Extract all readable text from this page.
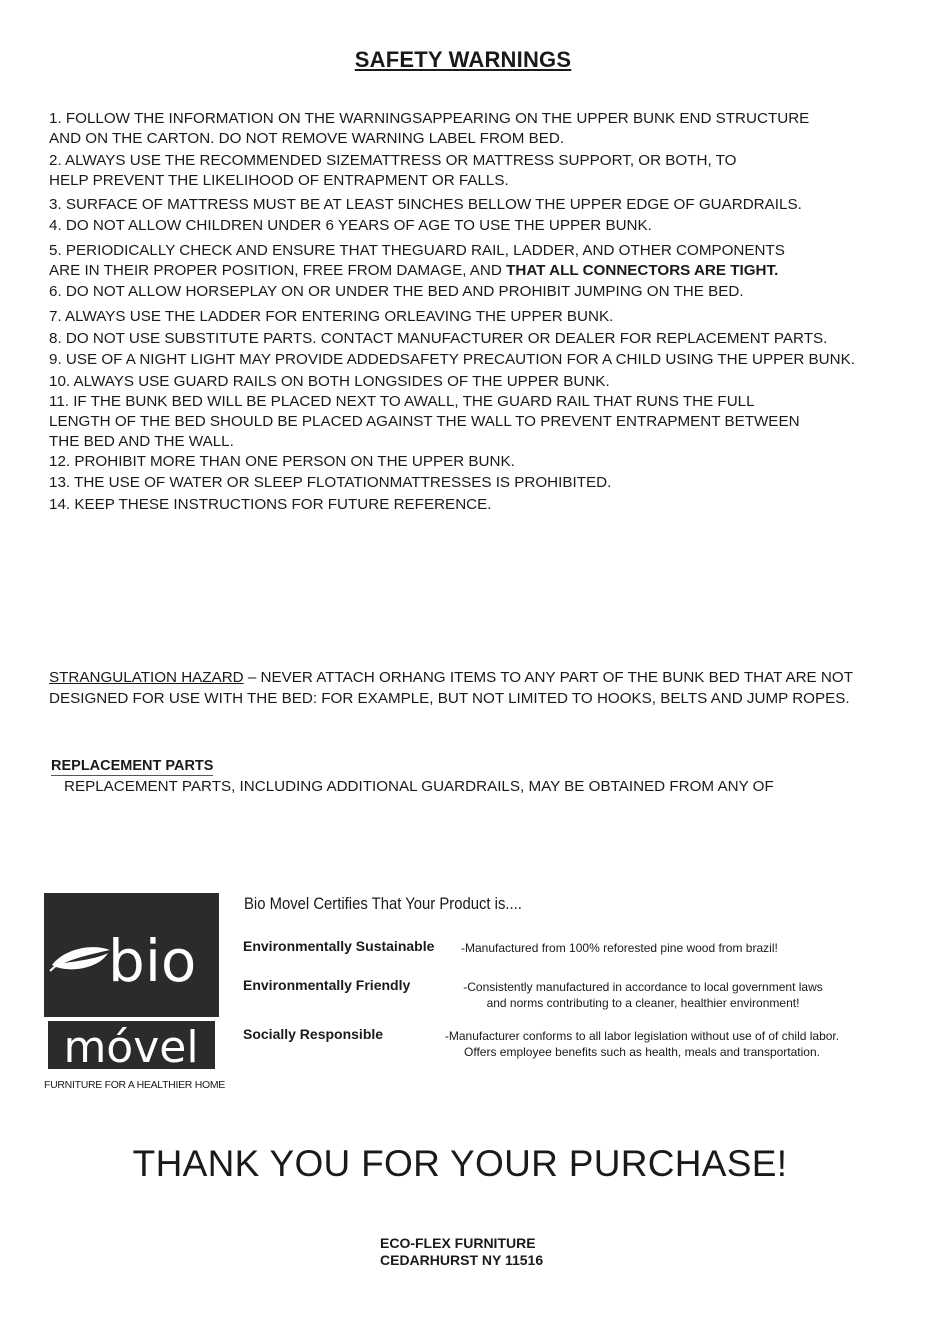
SAFETY WARNINGS
1. FOLLOW THE INFORMATION ON THE WARNINGSAPPEARING ON THE UPPER BUNK END STRUCTURE
AND ON THE CARTON. DO NOT REMOVE WARNING LABEL FROM BED.
2. ALWAYS USE THE RECOMMENDED SIZEMATTRESS OR MATTRESS SUPPORT, OR BOTH, TO
HELP PREVENT THE LIKELIHOOD OF ENTRAPMENT OR FALLS.
3. SURFACE OF MATTRESS MUST BE AT LEAST 5INCHES BELLOW THE UPPER EDGE OF GUARDRAILS.
4. DO NOT ALLOW CHILDREN UNDER 6 YEARS OF AGE TO USE THE UPPER BUNK.
5. PERIODICALLY CHECK AND ENSURE THAT THEGUARD RAIL, LADDER, AND OTHER COMPONENTS
ARE IN THEIR PROPER POSITION, FREE FROM DAMAGE, AND THAT ALL CONNECTORS ARE TIGHT.
6. DO NOT ALLOW HORSEPLAY ON OR UNDER THE BED AND PROHIBIT JUMPING ON THE BED.
7. ALWAYS USE THE LADDER FOR ENTERING ORLEAVING THE UPPER BUNK.
8. DO NOT USE SUBSTITUTE PARTS. CONTACT MANUFACTURER OR DEALER FOR REPLACEMENT PARTS.
9. USE OF A NIGHT LIGHT MAY PROVIDE ADDEDSAFETY PRECAUTION FOR A CHILD USING THE UPPER BUNK.
10. ALWAYS USE GUARD RAILS ON BOTH LONGSIDES OF THE UPPER BUNK.
11. IF THE BUNK BED WILL BE PLACED NEXT TO AWALL, THE GUARD RAIL THAT RUNS THE FULL
LENGTH OF THE BED SHOULD BE PLACED AGAINST THE WALL TO PREVENT ENTRAPMENT BETWEEN
THE BED AND THE WALL.
12. PROHIBIT MORE THAN ONE PERSON ON THE UPPER BUNK.
13. THE USE OF WATER OR SLEEP FLOTATIONMATTRESSES IS PROHIBITED.
14. KEEP THESE INSTRUCTIONS FOR FUTURE REFERENCE.
STRANGULATION HAZARD – NEVER ATTACH ORHANG ITEMS TO ANY PART OF THE BUNK BED THAT ARE NOT DESIGNED FOR USE WITH THE BED: FOR EXAMPLE, BUT NOT LIMITED TO HOOKS, BELTS AND JUMP ROPES.
REPLACEMENT PARTS
REPLACEMENT PARTS, INCLUDING ADDITIONAL GUARDRAILS, MAY BE OBTAINED FROM ANY OF
bio
móvel
FURNITURE FOR A HEALTHIER HOME
Bio Movel Certifies That Your Product is....
Environmentally Sustainable -Manufactured from 100% reforested pine wood from brazil!
Environmentally Friendly	-Consistently manufactured in accordance to local government laws
and norms contributing to a cleaner, healthier environment!
Socially Responsible	-Manufacturer conforms to all labor legislation without use of of child labor.
Offers employee benefits such as health, meals and transportation.
THANK YOU FOR YOUR PURCHASE!
ECO-FLEX FURNITURE
CEDARHURST NY 11516
